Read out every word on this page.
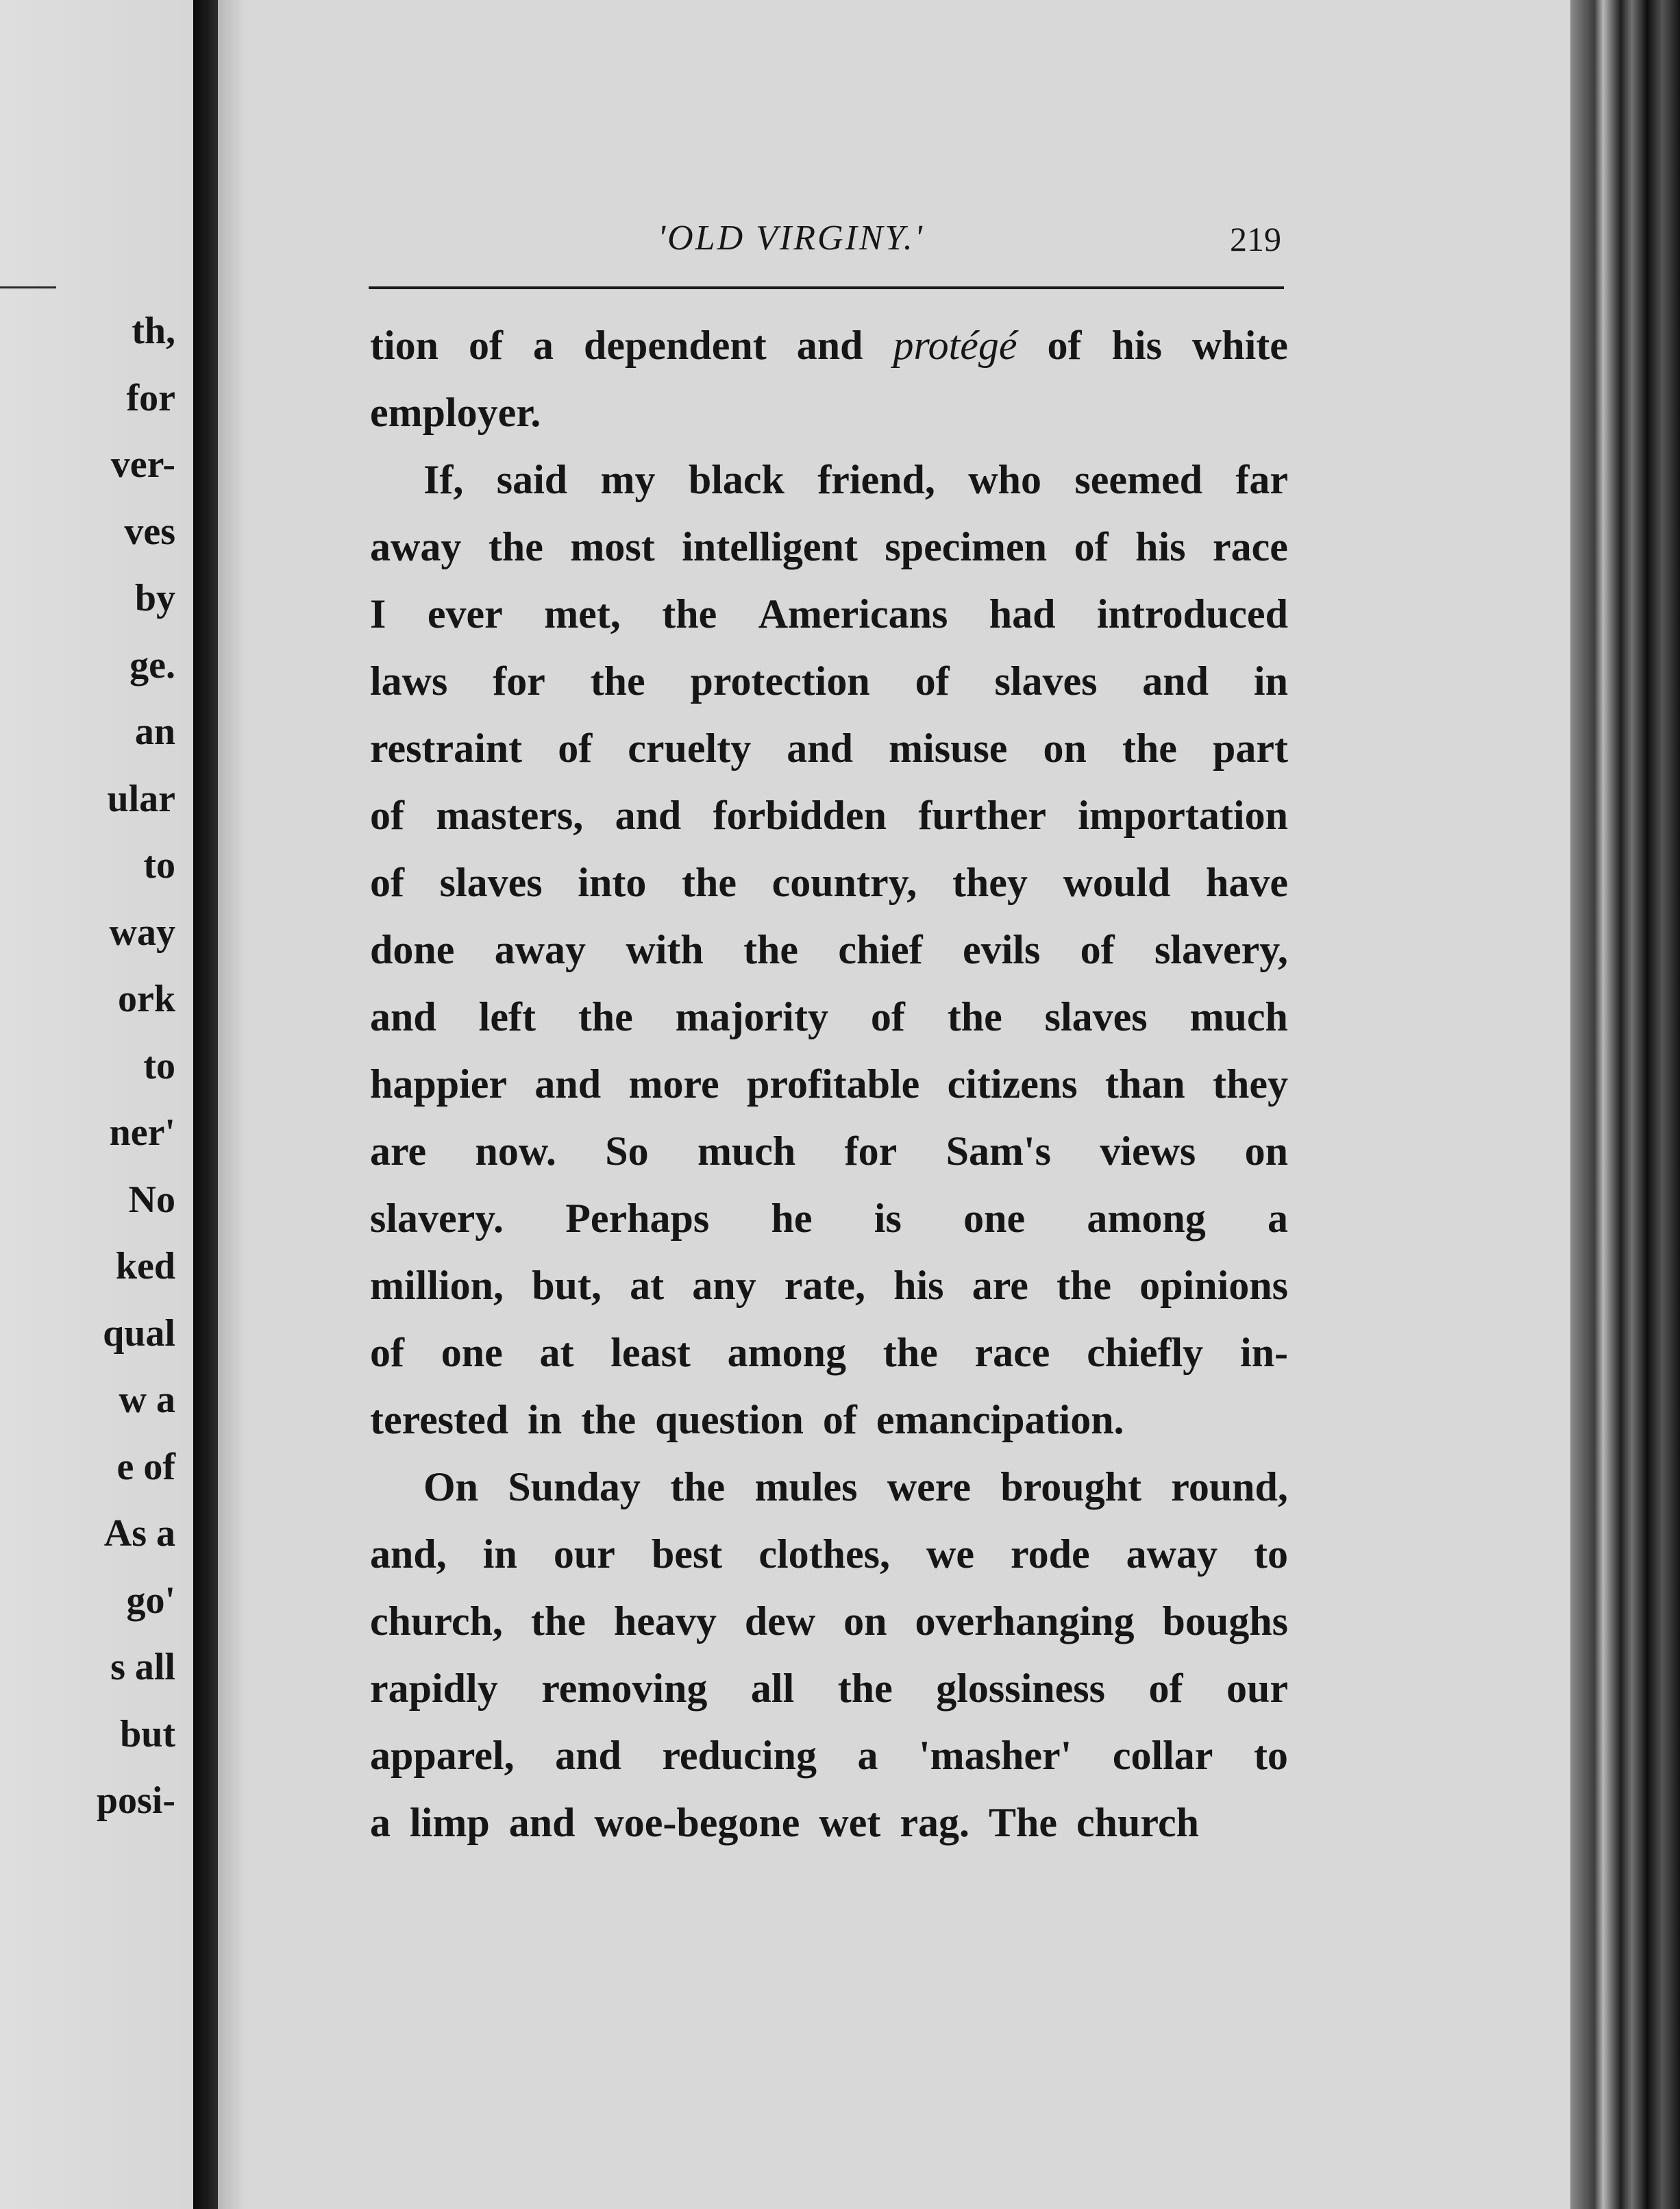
th,
for
ver-
ves
by
ge.
an
ular
to
way
ork
to
ner'
No
ked
qual
w a
e of
As a
go'
s all
but
posi-
'OLD VIRGINY.'	219
tion of a dependent and protégé of his white
employer.
If, said my black friend, who seemed far
away the most intelligent specimen of his race
I ever met, the Americans had introduced
laws for the protection of slaves and in
restraint of cruelty and misuse on the part
of masters, and forbidden further importation
of slaves into the country, they would have
done away with the chief evils of slavery,
and left the majority of the slaves much
happier and more profitable citizens than they
are now. So much for Sam's views on
slavery. Perhaps he is one among a
million, but, at any rate, his are the opinions
of one at least among the race chiefly in-
terested in the question of emancipation.
On Sunday the mules were brought round,
and, in our best clothes, we rode away to
church, the heavy dew on overhanging boughs
rapidly removing all the glossiness of our
apparel, and reducing a 'masher' collar to
a limp and woe-begone wet rag. The church
